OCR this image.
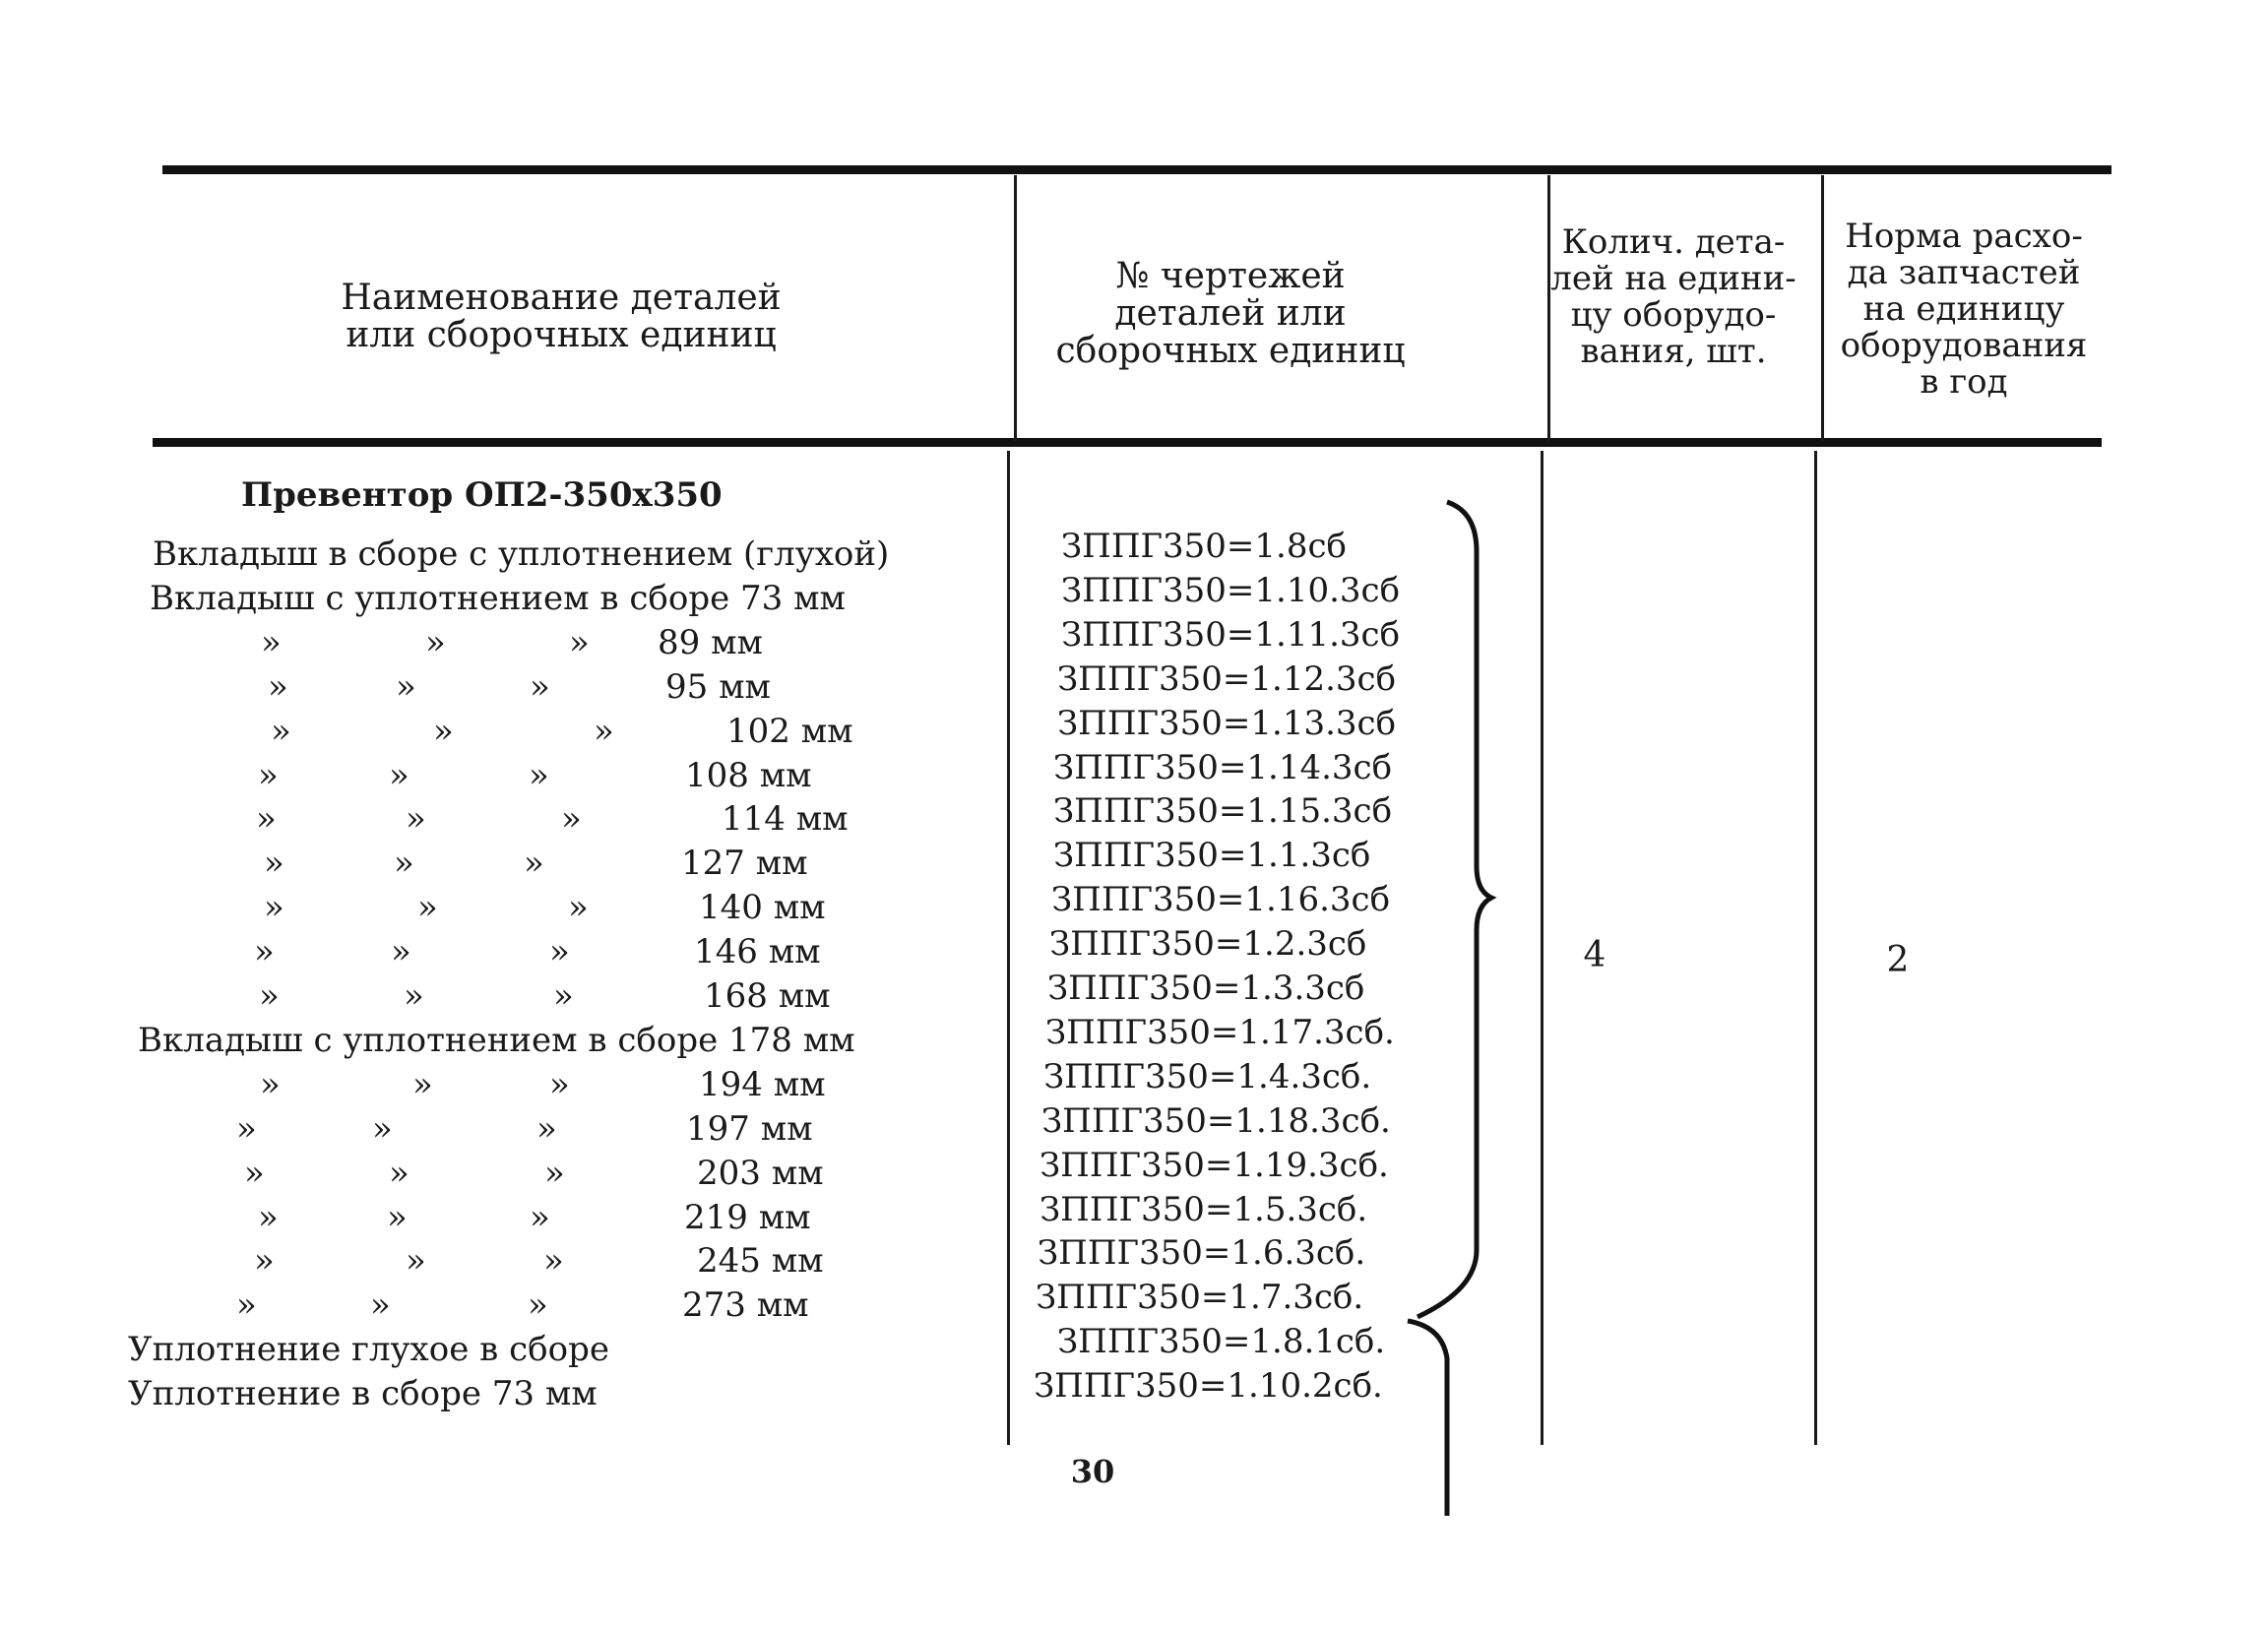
Наименование деталей
или сборочных единиц
№ чертежей
деталей или
сборочных единиц
Колич. дета-
лей на едини-
цу оборудо-
вания, шт.
Норма расхо-
да запчастей
на единицу
оборудования
в год
Превентор ОП2-350х350
Вкладыш в сборе с уплотнением (глухой)	ЗППГ350=1.8сб
Вкладыш с уплотнением в сборе 73 мм	ЗППГ350=1.10.3сб
»	»	» 89 мм	ЗППГ350=1.11.3сб
»	»	»	95 мм	ЗППГ350=1.12.3сб
»	»	»	102 мм	ЗППГ350=1.13.3сб
»	»	»	108 мм	ЗППГ350=1.14.3сб
»	»	»	114 мм	ЗППГ350=1.15.3сб
»	»	»	127 мм	ЗППГ350=1.1.3сб
»	»	»	140 мм	ЗППГ350=1.16.3сб
»	»	»	146 мм	ЗППГ350=1.2.3сб
»	»	»	168 мм	ЗППГ350=1.3.3сб
Вкладыш с уплотнением в сборе 178 мм	ЗППГ350=1.17.3сб.
»	»	»	194 мм	ЗППГ350=1.4.3сб.
»	»	»	197 мм	ЗППГ350=1.18.3сб.
»	»	»	203 мм	ЗППГ350=1.19.3сб.
»	»	»	219 мм	ЗППГ350=1.5.3сб.
»	»	»	245 мм	ЗППГ350=1.6.3сб.
»	»	»	273 мм	ЗППГ350=1.7.3сб.
Уплотнение глухое в сборе	ЗППГ350=1.8.1сб.
Уплотнение в сборе 73 мм	ЗППГ350=1.10.2сб.
4	2
30
